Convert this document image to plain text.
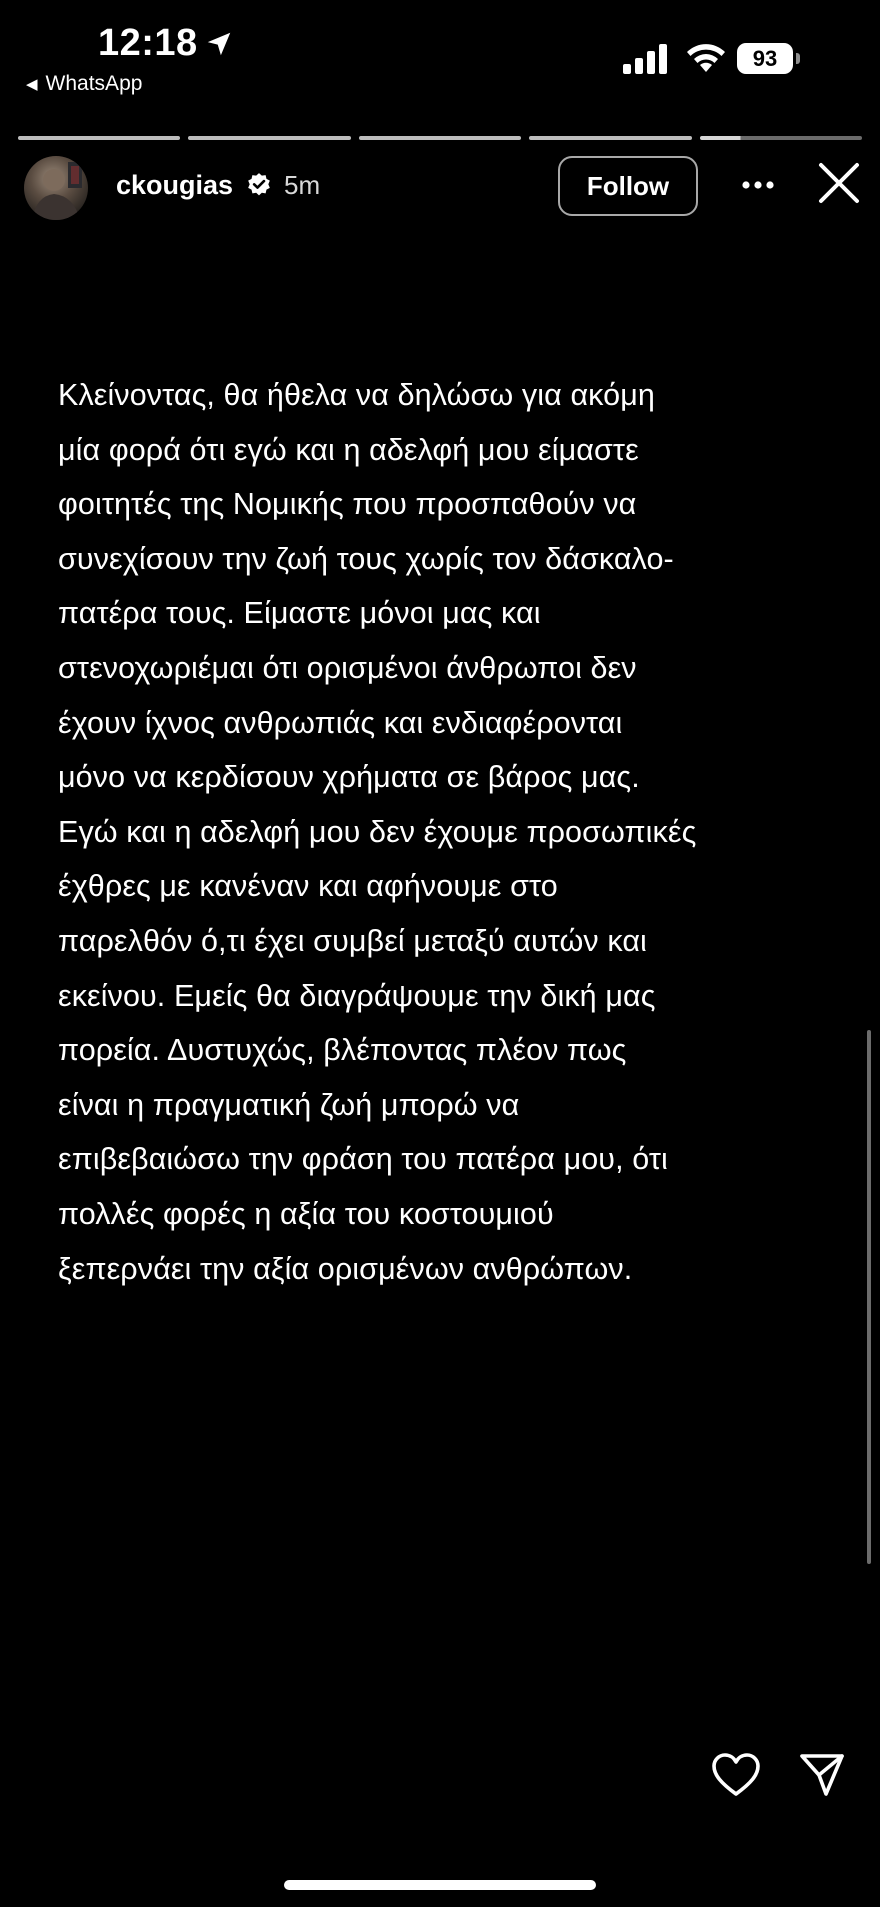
12:18
◀ WhatsApp
93
ckougias 5m	Follow
Κλείνοντας, θα ήθελα να δηλώσω για ακόμη
μία φορά ότι εγώ και η αδελφή μου είμαστε
φοιτητές της Νομικής που προσπαθούν να
συνεχίσουν την ζωή τους χωρίς τον δάσκαλο-
πατέρα τους. Είμαστε μόνοι μας και
στενοχωριέμαι ότι ορισμένοι άνθρωποι δεν
έχουν ίχνος ανθρωπιάς και ενδιαφέρονται
μόνο να κερδίσουν χρήματα σε βάρος μας.
Εγώ και η αδελφή μου δεν έχουμε προσωπικές
έχθρες με κανέναν και αφήνουμε στο
παρελθόν ό,τι έχει συμβεί μεταξύ αυτών και
εκείνου. Εμείς θα διαγράψουμε την δική μας
πορεία. Δυστυχώς, βλέποντας πλέον πως
είναι η πραγματική ζωή μπορώ να
επιβεβαιώσω την φράση του πατέρα μου, ότι
πολλές φορές η αξία του κοστουμιού
ξεπερνάει την αξία ορισμένων ανθρώπων.
